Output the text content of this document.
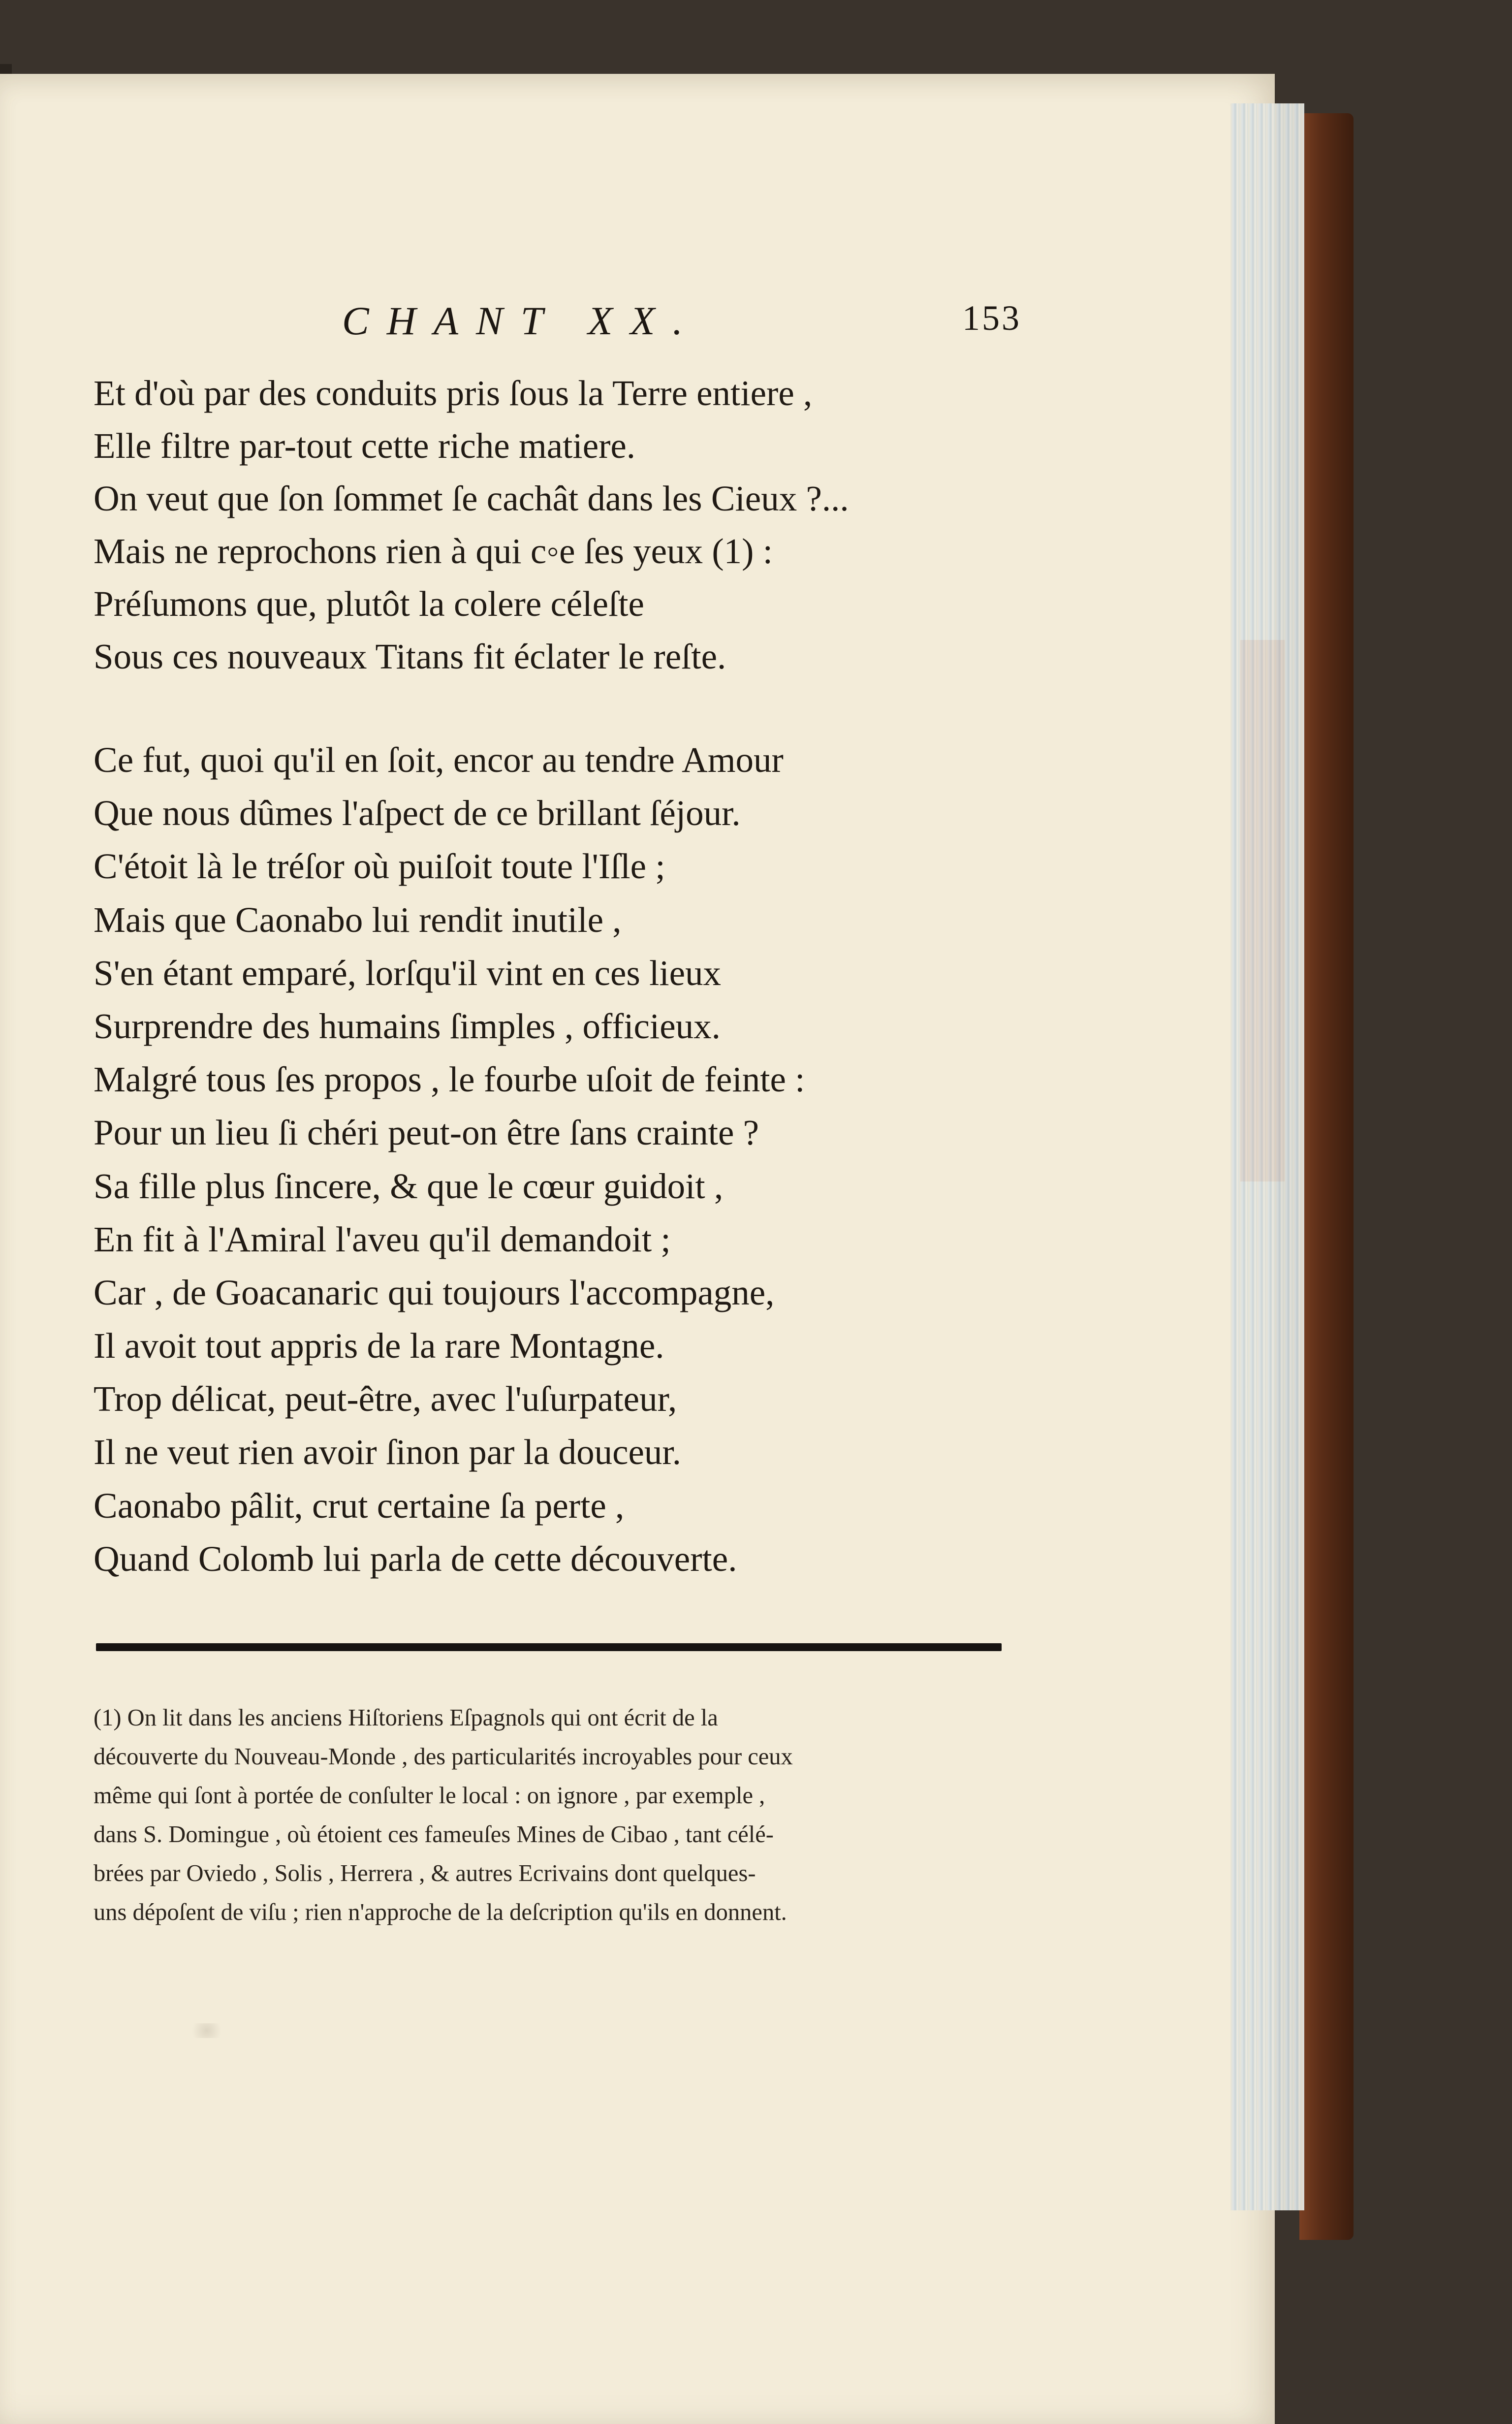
CHANT XX.	153
Et d'où par des conduits pris ſous la Terre entiere ,
Elle filtre par-tout cette riche matiere.
On veut que ſon ſommet ſe cachât dans les Cieux ?...
Mais ne reprochons rien à qui c◦e ſes yeux (1) :
Préſumons que, plutôt la colere céleſte
Sous ces nouveaux Titans fit éclater le reſte.
Ce fut, quoi qu'il en ſoit, encor au tendre Amour
Que nous dûmes l'aſpect de ce brillant ſéjour.
C'étoit là le tréſor où puiſoit toute l'Iſle ;
Mais que Caonabo lui rendit inutile ,
S'en étant emparé, lorſqu'il vint en ces lieux
Surprendre des humains ſimples , officieux.
Malgré tous ſes propos , le fourbe uſoit de feinte :
Pour un lieu ſi chéri peut-on être ſans crainte ?
Sa fille plus ſincere, & que le cœur guidoit ,
En fit à l'Amiral l'aveu qu'il demandoit ;
Car , de Goacanaric qui toujours l'accompagne,
Il avoit tout appris de la rare Montagne.
Trop délicat, peut-être, avec l'uſurpateur,
Il ne veut rien avoir ſinon par la douceur.
Caonabo pâlit, crut certaine ſa perte ,
Quand Colomb lui parla de cette découverte.
(1) On lit dans les anciens Hiſtoriens Eſpagnols qui ont écrit de la
découverte du Nouveau-Monde , des particularités incroyables pour ceux
même qui ſont à portée de conſulter le local : on ignore , par exemple ,
dans S. Domingue , où étoient ces fameuſes Mines de Cibao , tant célé-
brées par Oviedo , Solis , Herrera , & autres Ecrivains dont quelques-
uns dépoſent de viſu ; rien n'approche de la deſcription qu'ils en donnent.
